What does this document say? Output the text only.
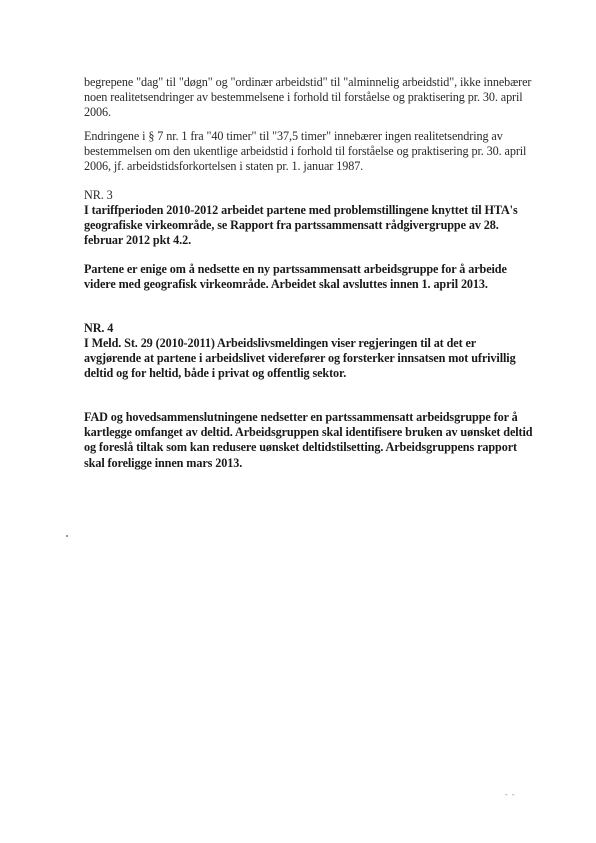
begrepene "dag" til "døgn" og "ordinær arbeidstid" til "alminnelig arbeidstid", ikke innebærer
noen realitetsendringer av bestemmelsene i forhold til forståelse og praktisering pr. 30. april
2006.
Endringene i § 7 nr. 1 fra "40 timer" til "37,5 timer" innebærer ingen realitetsendring av
bestemmelsen om den ukentlige arbeidstid i forhold til forståelse og praktisering pr. 30. april
2006, jf. arbeidstidsforkortelsen i staten pr. 1. januar 1987.
NR. 3
I tariffperioden 2010-2012 arbeidet partene med problemstillingene knyttet til HTA's
geografiske virkeområde, se Rapport fra partssammensatt rådgivergruppe av 28.
februar 2012 pkt 4.2.
Partene er enige om å nedsette en ny partssammensatt arbeidsgruppe for å arbeide
videre med geografisk virkeområde. Arbeidet skal avsluttes innen 1. april 2013.
NR. 4
I Meld. St. 29 (2010-2011) Arbeidslivsmeldingen viser regjeringen til at det er
avgjørende at partene i arbeidslivet viderefører og forsterker innsatsen mot ufrivillig
deltid og for heltid, både i privat og offentlig sektor.
FAD og hovedsammenslutningene nedsetter en partssammensatt arbeidsgruppe for å
kartlegge omfanget av deltid. Arbeidsgruppen skal identifisere bruken av uønsket deltid
og foreslå tiltak som kan redusere uønsket deltidstilsetting. Arbeidsgruppens rapport
skal foreligge innen mars 2013.
- -
